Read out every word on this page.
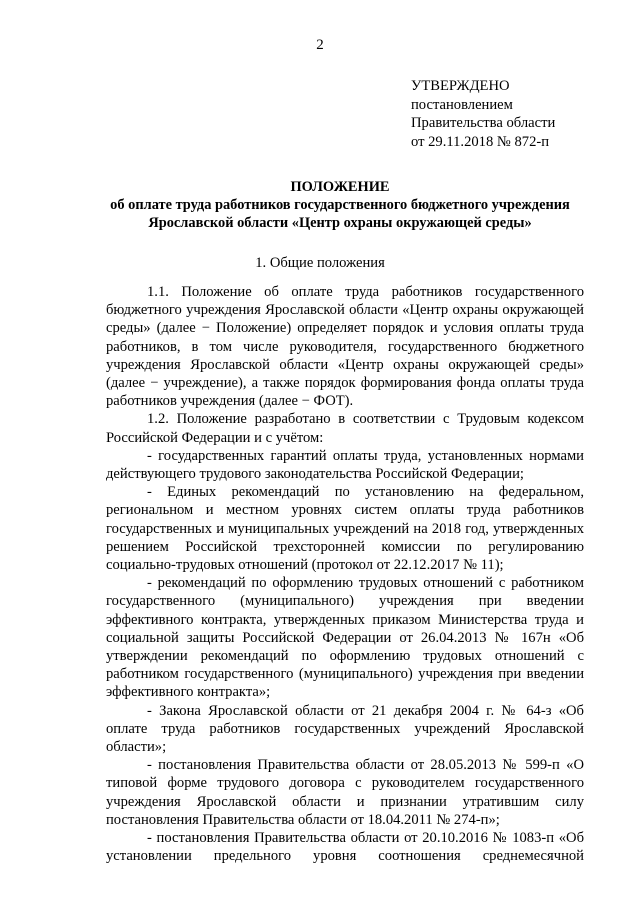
2
УТВЕРЖДЕНО
постановлением
Правительства области
от 29.11.2018 № 872-п
ПОЛОЖЕНИЕ
об оплате труда работников государственного бюджетного учреждения
Ярославской области «Центр охраны окружающей среды»
1. Общие положения

1.1. Положение об оплате труда работников государственного бюджетного учреждения Ярославской области «Центр охраны окружающей среды» (далее − Положение) определяет порядок и условия оплаты труда работников, в том числе руководителя, государственного бюджетного учреждения Ярославской области «Центр охраны окружающей среды» (далее − учреждение), а также порядок формирования фонда оплаты труда работников учреждения (далее − ФОТ).

1.2. Положение разработано в соответствии с Трудовым кодексом Российской Федерации и с учётом:

- государственных гарантий оплаты труда, установленных нормами действующего трудового законодательства Российской Федерации;

- Единых рекомендаций по установлению на федеральном, региональном и местном уровнях систем оплаты труда работников государственных и муниципальных учреждений на 2018 год, утвержденных решением Российской трехсторонней комиссии по регулированию социально-трудовых отношений (протокол от 22.12.2017 № 11);

- рекомендаций по оформлению трудовых отношений с работником государственного (муниципального) учреждения при введении эффективного контракта, утвержденных приказом Министерства труда и социальной защиты Российской Федерации от 26.04.2013 № 167н «Об утверждении рекомендаций по оформлению трудовых отношений с работником государственного (муниципального) учреждения при введении эффективного контракта»;

- Закона Ярославской области от 21 декабря 2004 г. № 64-з «Об оплате труда работников государственных учреждений Ярославской области»;

- постановления Правительства области от 28.05.2013 № 599-п «О типовой форме трудового договора с руководителем государственного учреждения Ярославской области и признании утратившим силу постановления Правительства области от 18.04.2011 № 274-п»;

- постановления Правительства области от 20.10.2016 № 1083-п «Об установлении предельного уровня соотношения среднемесячной
